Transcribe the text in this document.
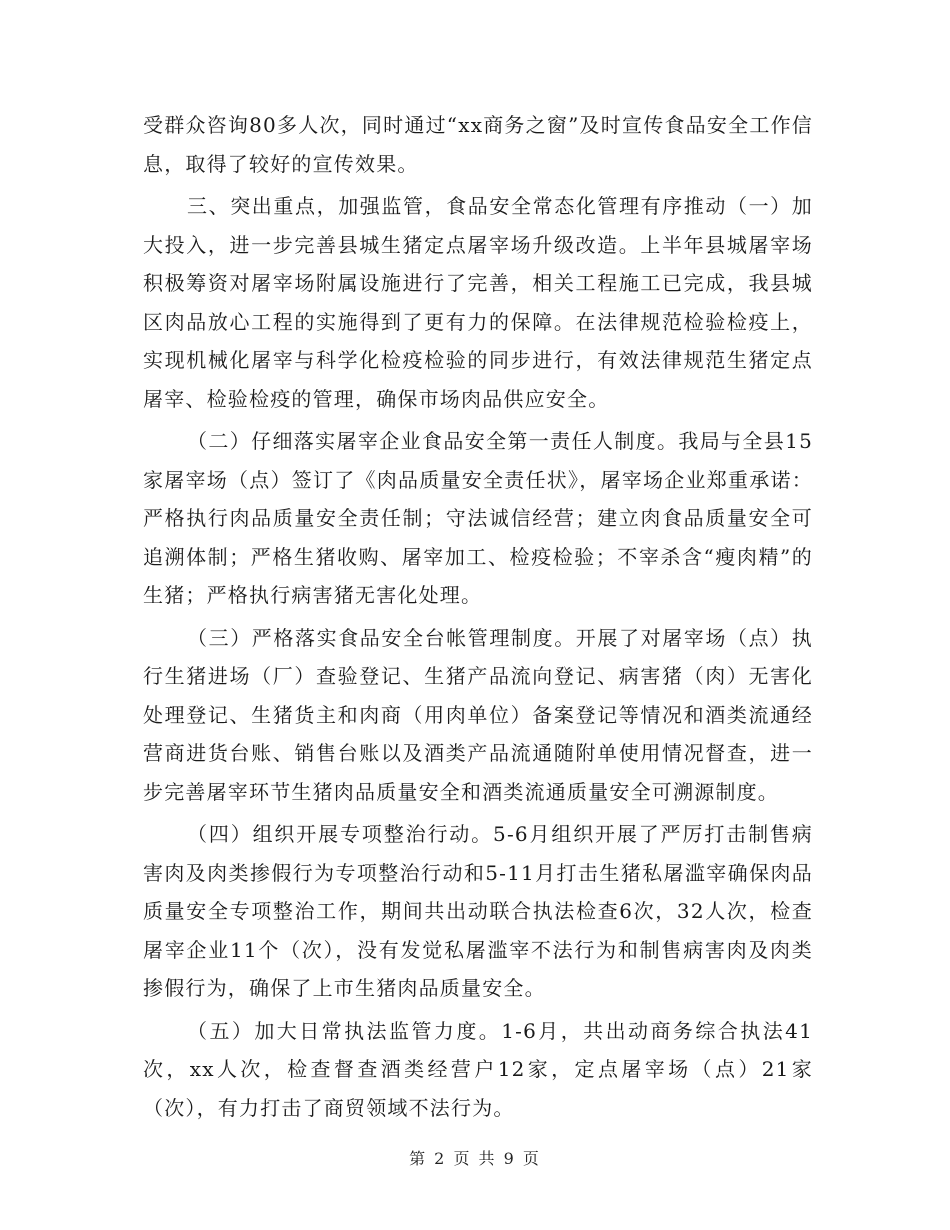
受群众咨询80多人次，同时通过“xx商务之窗”及时宣传食品安全工作信息，取得了较好的宣传效果。

三、突出重点，加强监管，食品安全常态化管理有序推动（一）加大投入，进一步完善县城生猪定点屠宰场升级改造。上半年县城屠宰场积极筹资对屠宰场附属设施进行了完善，相关工程施工已完成，我县城区肉品放心工程的实施得到了更有力的保障。在法律规范检验检疫上，实现机械化屠宰与科学化检疫检验的同步进行，有效法律规范生猪定点屠宰、检验检疫的管理，确保市场肉品供应安全。

（二）仔细落实屠宰企业食品安全第一责任人制度。我局与全县15家屠宰场（点）签订了《肉品质量安全责任状》，屠宰场企业郑重承诺：严格执行肉品质量安全责任制；守法诚信经营；建立肉食品质量安全可追溯体制；严格生猪收购、屠宰加工、检疫检验；不宰杀含“瘦肉精”的生猪；严格执行病害猪无害化处理。

（三）严格落实食品安全台帐管理制度。开展了对屠宰场（点）执行生猪进场（厂）查验登记、生猪产品流向登记、病害猪（肉）无害化处理登记、生猪货主和肉商（用肉单位）备案登记等情况和酒类流通经营商进货台账、销售台账以及酒类产品流通随附单使用情况督查，进一步完善屠宰环节生猪肉品质量安全和酒类流通质量安全可溯源制度。

（四）组织开展专项整治行动。5-6月组织开展了严厉打击制售病害肉及肉类掺假行为专项整治行动和5-11月打击生猪私屠滥宰确保肉品质量安全专项整治工作，期间共出动联合执法检查6次，32人次，检查屠宰企业11个（次），没有发觉私屠滥宰不法行为和制售病害肉及肉类掺假行为，确保了上市生猪肉品质量安全。

（五）加大日常执法监管力度。1-6月，共出动商务综合执法41次，xx人次，检查督查酒类经营户12家，定点屠宰场（点）21家（次），有力打击了商贸领域不法行为。

第 2 页 共 9 页
